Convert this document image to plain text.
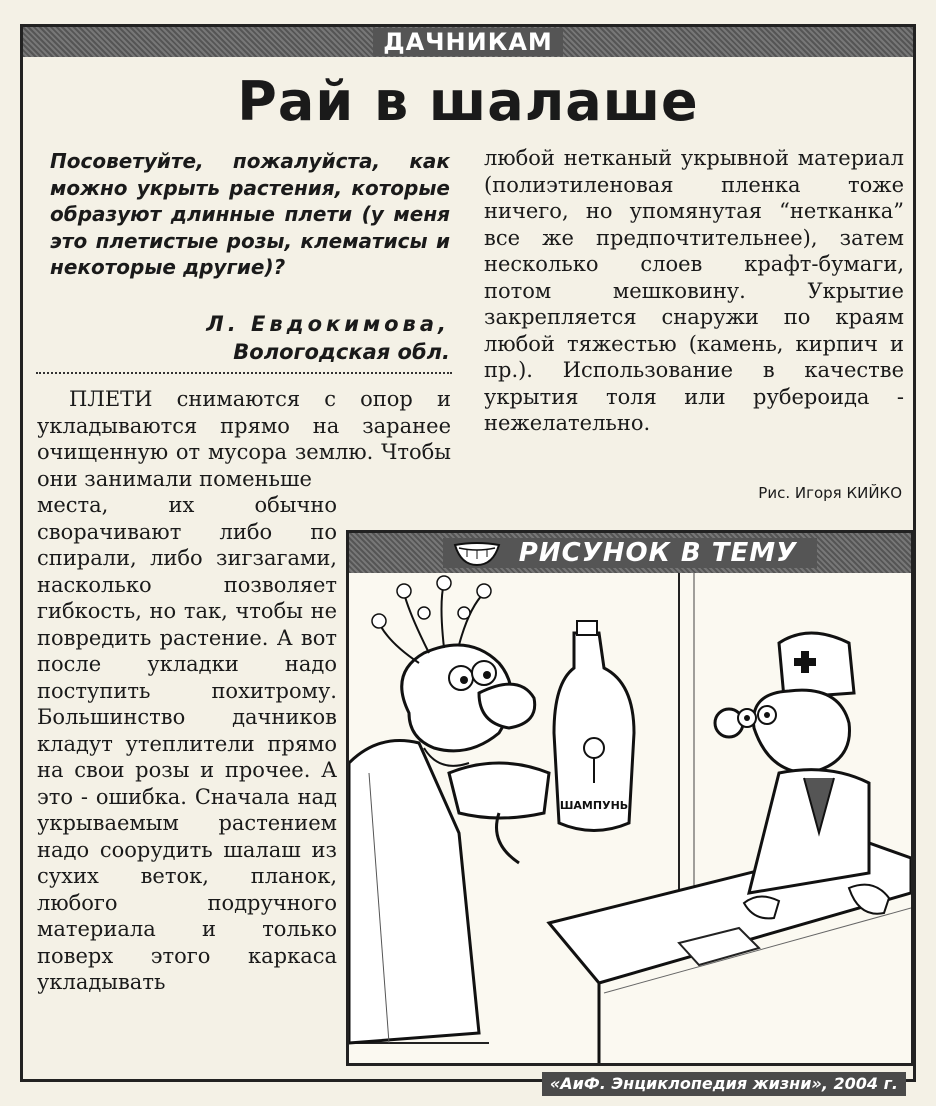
ДАЧНИКАМ
Рай в шалаше

Посоветуйте, пожалуйста, как можно укрыть растения, которые образуют длинные плети (у меня это плетистые розы, клематисы и некоторые другие)?

Л. Евдокимова,
Вологодская обл.

ПЛЕТИ снимаются с опор и укладываются прямо на заранее очищенную от мусора землю. Чтобы они занимали поменьше

места, их обычно сворачивают либо по спирали, либо зигзагами, насколько позволяет гибкость, но так, чтобы не повредить растение. А вот после укладки надо поступить похитрому. Большинство дачников кладут утеплители прямо на свои розы и прочее. А это - ошибка. Сначала над укрываемым растением надо соорудить шалаш из сухих веток, планок, любого подручного материала и только поверх этого каркаса укладывать

любой нетканый укрывной материал (полиэтиленовая пленка тоже ничего, но упомянутая “нетканка” все же предпочтительнее), затем несколько слоев крафт-бумаги, потом мешковину. Укрытие закрепляется снаружи по краям любой тяжестью (камень, кирпич и пр.). Использование в качестве укрытия толя или рубероида - нежелательно.

Рис. Игоря КИЙКО
РИСУНОК В ТЕМУ
ШАМПУНЬ
«АиФ. Энциклопедия жизни», 2004 г.
